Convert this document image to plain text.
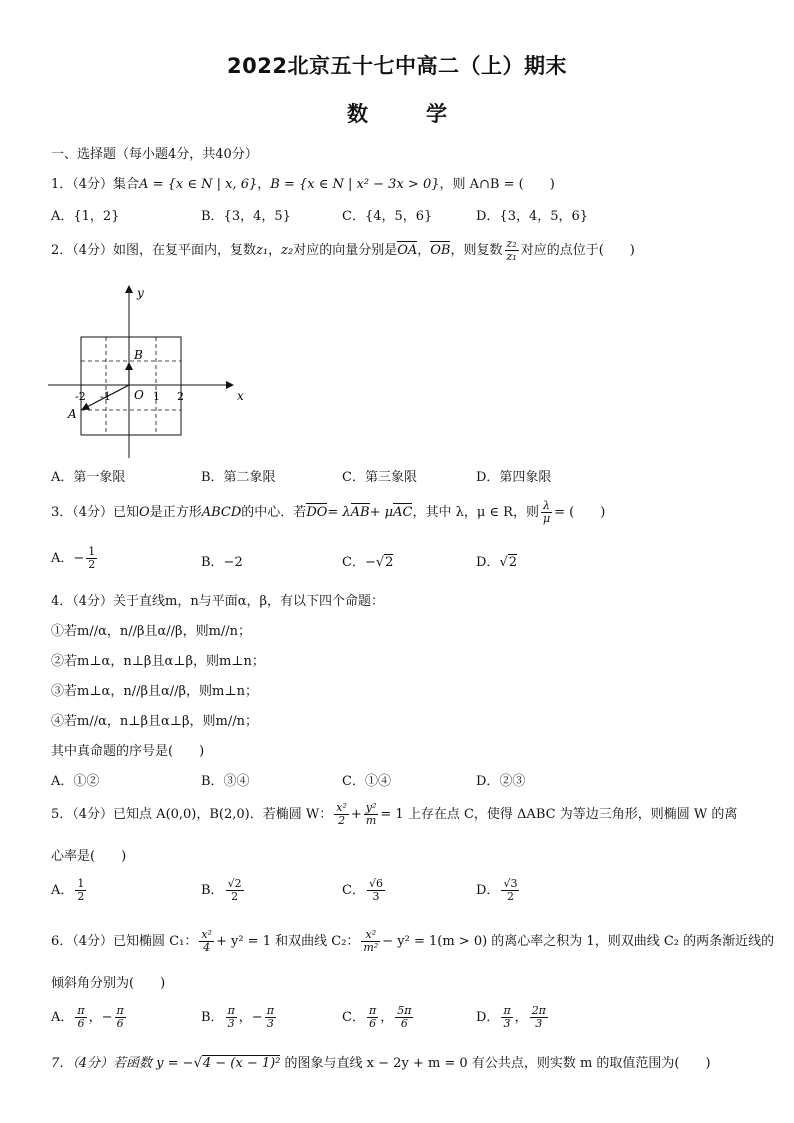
2022北京五十七中高二（上）期末
数	学
一、选择题（每小题4分，共40分）
1．（4分）集合A = {x ∈ N | x, 6}，B = {x ∈ N | x² − 3x > 0}，则 A∩B = (　　)
A．{1，2}	B．{3，4，5}	C．{4，5，6}	D．{3，4，5，6}
2．（4分）如图，在复平面内，复数z₁，z₂对应的向量分别是OA，OB，则复数 $\frac{\text{z₂}}{\text{z₁}}$ 对应的点位于(　　)
x
y
O
B
A
-2 -1	1 2
A．第一象限	B．第二象限	C．第三象限	D．第四象限
3．（4分）已知O是正方形ABCD的中心．若DO= λAB+ μAC，其中 λ，μ ∈ R，则 $\frac{\lambda}{\mu}$ = (　　)
A．− $\frac{1}{2}$	B．−2	C．−√2	D．√2
4．（4分）关于直线m，n与平面α，β，有以下四个命题：
①若m//α，n//β且α//β，则m//n；
②若m⊥α，n⊥β且α⊥β，则m⊥n；
③若m⊥α，n//β且α//β，则m⊥n；
④若m//α，n⊥β且α⊥β，则m//n；
其中真命题的序号是(　　)
A．①②	B．③④	C．①④	D．②③
5．（4分）已知点 A(0,0)，B(2,0)．若椭圆 W： $\frac{\text{x²}}{2} + \frac{\text{y²}}{m} = 1$ 上存在点 C，使得 ΔABC 为等边三角形，则椭圆 W 的离
心率是(　　)
A． $\frac{1}{2}$	B． $\frac{√2}{2}$	C． $\frac{√6}{3}$	D． $\frac{√3}{2}$
6．（4分）已知椭圆 C₁： $\frac{\text{x²}}{4} + y^2 = 1$ 和双曲线 C₂： $\frac{\text{x²}}{\text{m²}} - y^2 = 1(m > 0)$ 的离心率之积为 1，则双曲线 C₂ 的两条渐近线的
倾斜角分别为(　　)
A． $\frac{\pi}{6}$ ，− $\frac{\pi}{6}$	B． $\frac{\pi}{3}$ ，− $\frac{\pi}{3}$	C． $\frac{\pi}{6}$ ， $\frac{5\pi}{6}$	D． $\frac{\pi}{3}$ ， $\frac{2\pi}{3}$
7．（4分）若函数 y = −√4 − (x − 1)² 的图象与直线 x − 2y + m = 0 有公共点，则实数 m 的取值范围为(　　)
